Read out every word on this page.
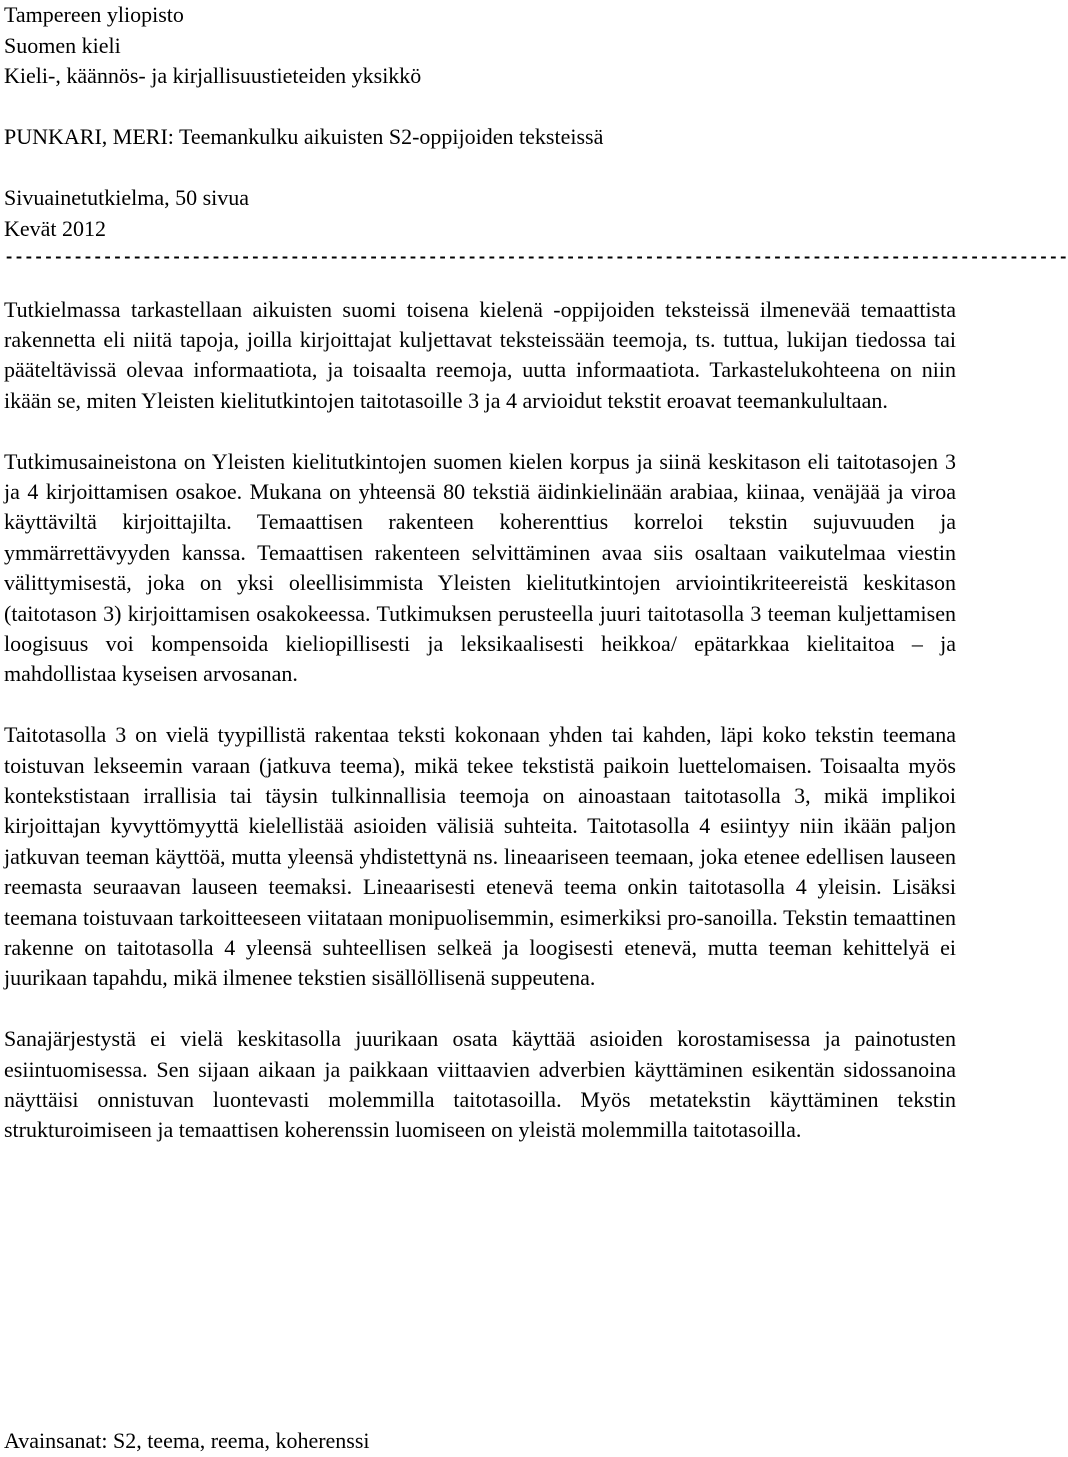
Tampereen yliopisto
Suomen kieli
Kieli-, käännös- ja kirjallisuustieteiden yksikkö
PUNKARI, MERI: Teemankulku aikuisten S2-oppijoiden teksteissä
Sivuainetutkielma, 50 sivua
Kevät 2012
------------------------------------------------------------------------------------------------------------

Tutkielmassa tarkastellaan aikuisten suomi toisena kielenä -oppijoiden teksteissä ilmenevää temaattista rakennetta eli niitä tapoja, joilla kirjoittajat kuljettavat teksteissään teemoja, ts. tuttua, lukijan tiedossa tai pääteltävissä olevaa informaatiota, ja toisaalta reemoja, uutta informaatiota. Tarkastelukohteena on niin ikään se, miten Yleisten kielitutkintojen taitotasoille 3 ja 4 arvioidut tekstit eroavat teemankulultaan.

Tutkimusaineistona on Yleisten kielitutkintojen suomen kielen korpus ja siinä keskitason eli taitotasojen 3 ja 4 kirjoittamisen osakoe. Mukana on yhteensä 80 tekstiä äidinkielinään arabiaa, kiinaa, venäjää ja viroa käyttäviltä kirjoittajilta. Temaattisen rakenteen koherenttius korreloi tekstin sujuvuuden ja ymmärrettävyyden kanssa. Temaattisen rakenteen selvittäminen avaa siis osaltaan vaikutelmaa viestin välittymisestä, joka on yksi oleellisimmista Yleisten kielitutkintojen arviointikriteereistä keskitason (taitotason 3) kirjoittamisen osakokeessa. Tutkimuksen perusteella juuri taitotasolla 3 teeman kuljettamisen loogisuus voi kompensoida kieliopillisesti ja leksikaalisesti heikkoa/ epätarkkaa kielitaitoa – ja mahdollistaa kyseisen arvosanan.

Taitotasolla 3 on vielä tyypillistä rakentaa teksti kokonaan yhden tai kahden, läpi koko tekstin teemana toistuvan lekseemin varaan (jatkuva teema), mikä tekee tekstistä paikoin luettelomaisen. Toisaalta myös kontekstistaan irrallisia tai täysin tulkinnallisia teemoja on ainoastaan taitotasolla 3, mikä implikoi kirjoittajan kyvyttömyyttä kielellistää asioiden välisiä suhteita. Taitotasolla 4 esiintyy niin ikään paljon jatkuvan teeman käyttöä, mutta yleensä yhdistettynä ns. lineaariseen teemaan, joka etenee edellisen lauseen reemasta seuraavan lauseen teemaksi. Lineaarisesti etenevä teema onkin taitotasolla 4 yleisin. Lisäksi teemana toistuvaan tarkoitteeseen viitataan monipuolisemmin, esimerkiksi pro-sanoilla. Tekstin temaattinen rakenne on taitotasolla 4 yleensä suhteellisen selkeä ja loogisesti etenevä, mutta teeman kehittelyä ei juurikaan tapahdu, mikä ilmenee tekstien sisällöllisenä suppeutena.

Sanajärjestystä ei vielä keskitasolla juurikaan osata käyttää asioiden korostamisessa ja painotusten esiintuomisessa. Sen sijaan aikaan ja paikkaan viittaavien adverbien käyttäminen esikentän sidossanoina näyttäisi onnistuvan luontevasti molemmilla taitotasoilla. Myös metatekstin käyttäminen tekstin strukturoimiseen ja temaattisen koherenssin luomiseen on yleistä molemmilla taitotasoilla.

Avainsanat: S2, teema, reema, koherenssi
